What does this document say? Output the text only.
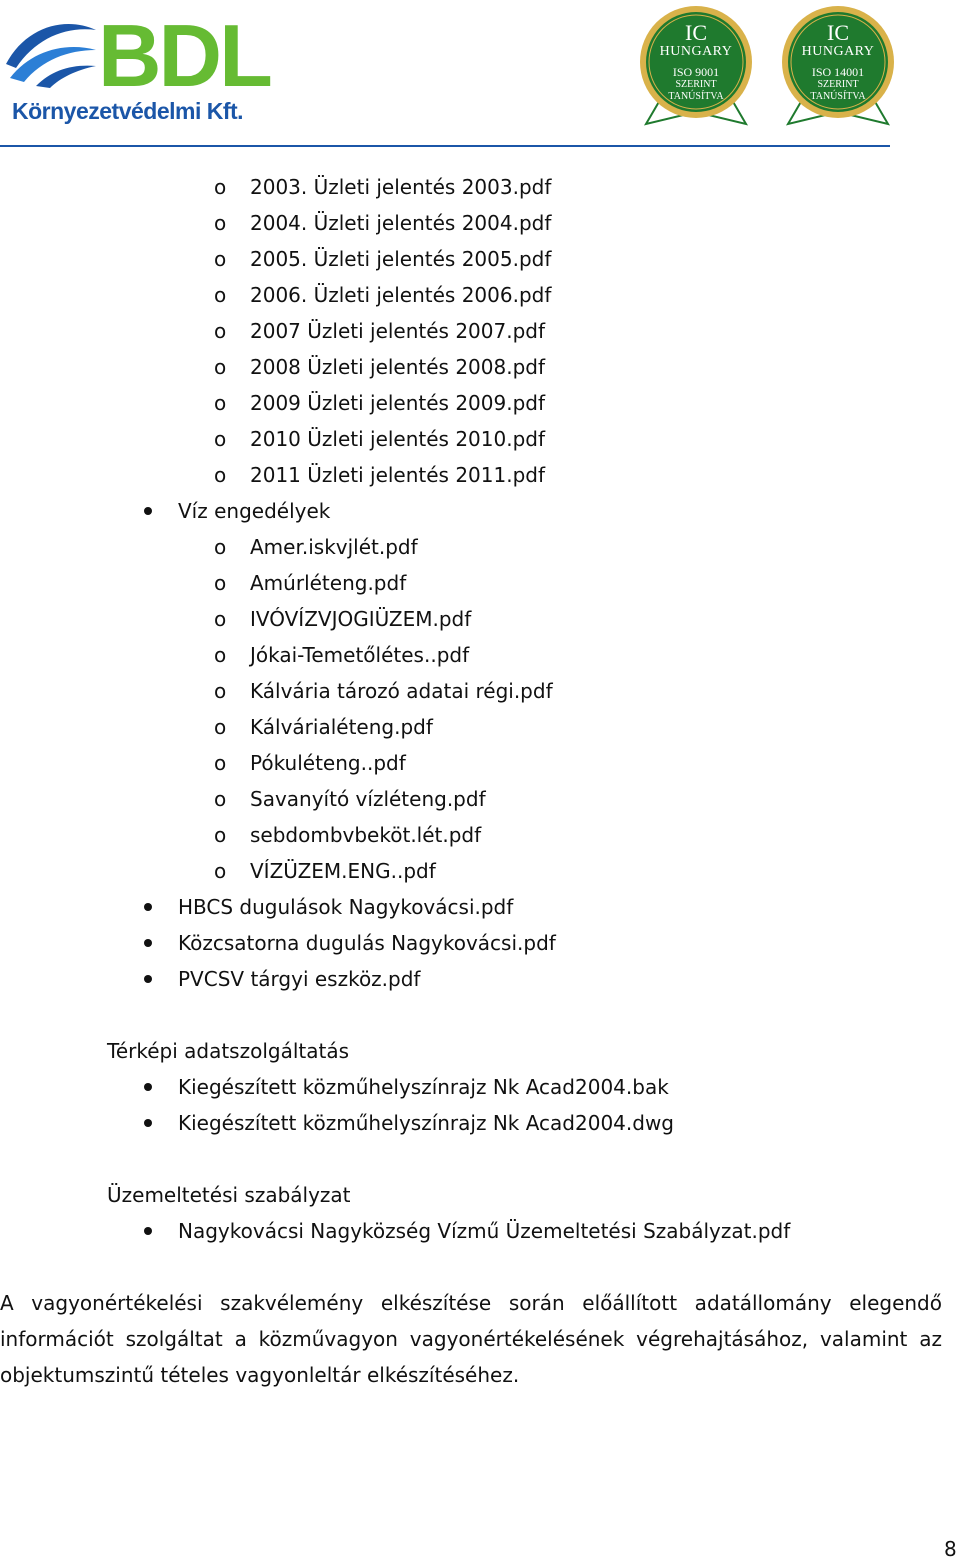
BDL
Környezetvédelmi Kft.
IC
HUNGARY
ISO 9001
SZERINT
TANÚSÍTVA
IC
HUNGARY
ISO 14001
SZERINT
TANÚSÍTVA
o 2003. Üzleti jelentés 2003.pdf
o 2004. Üzleti jelentés 2004.pdf
o 2005. Üzleti jelentés 2005.pdf
o 2006. Üzleti jelentés 2006.pdf
o 2007 Üzleti jelentés 2007.pdf
o 2008 Üzleti jelentés 2008.pdf
o 2009 Üzleti jelentés 2009.pdf
o 2010 Üzleti jelentés 2010.pdf
o 2011 Üzleti jelentés 2011.pdf
Víz engedélyek
o Amer.iskvjlét.pdf
o Amúrléteng.pdf
o IVÓVÍZVJOGIÜZEM.pdf
o Jókai-Temetőlétes..pdf
o Kálvária tározó adatai régi.pdf
o Kálvárialéteng.pdf
o Pókuléteng..pdf
o Savanyító vízléteng.pdf
o sebdombvbeköt.lét.pdf
o VÍZÜZEM.ENG..pdf
HBCS dugulások Nagykovácsi.pdf
Közcsatorna dugulás Nagykovácsi.pdf
PVCSV tárgyi eszköz.pdf
Térképi adatszolgáltatás
Kiegészített közműhelyszínrajz Nk Acad2004.bak
Kiegészített közműhelyszínrajz Nk Acad2004.dwg
Üzemeltetési szabályzat
Nagykovácsi Nagyközség Vízmű Üzemeltetési Szabályzat.pdf
A vagyonértékelési szakvélemény elkészítése során előállított adatállomány elegendő
információt szolgáltat a közművagyon vagyonértékelésének végrehajtásához, valamint az
objektumszintű tételes vagyonleltár elkészítéséhez.
8
